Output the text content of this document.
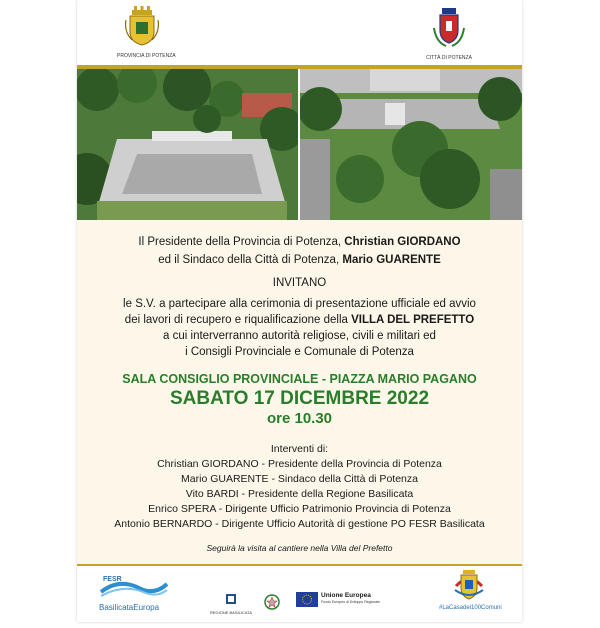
PROVINCIA DI POTENZA	CITTÀ DI POTENZA
Il Presidente della Provincia di Potenza, Christian GIORDANO
ed il Sindaco della Città di Potenza, Mario GUARENTE
INVITANO
le S.V. a partecipare alla cerimonia di presentazione ufficiale ed avvio
dei lavori di recupero e riqualificazione della VILLA DEL PREFETTO
a cui interverranno autorità religiose, civili e militari ed
i Consigli Provinciale e Comunale di Potenza
SALA CONSIGLIO PROVINCIALE - PIAZZA MARIO PAGANO
SABATO 17 DICEMBRE 2022
ore 10.30
Interventi di:
Christian GIORDANO - Presidente della Provincia di Potenza
Mario GUARENTE - Sindaco della Città di Potenza
Vito BARDI - Presidente della Regione Basilicata
Enrico SPERA - Dirigente Ufficio Patrimonio Provincia di Potenza
Antonio BERNARDO - Dirigente Ufficio Autorità di gestione PO FESR Basilicata
Seguirà la visita al cantiere nella Villa del Prefetto
FESR
BasilicataEuropa
REGIONE BASILICATA
Unione Europea
Fondo Europeo di Sviluppo Regionale
#LaCasadei100Comuni
